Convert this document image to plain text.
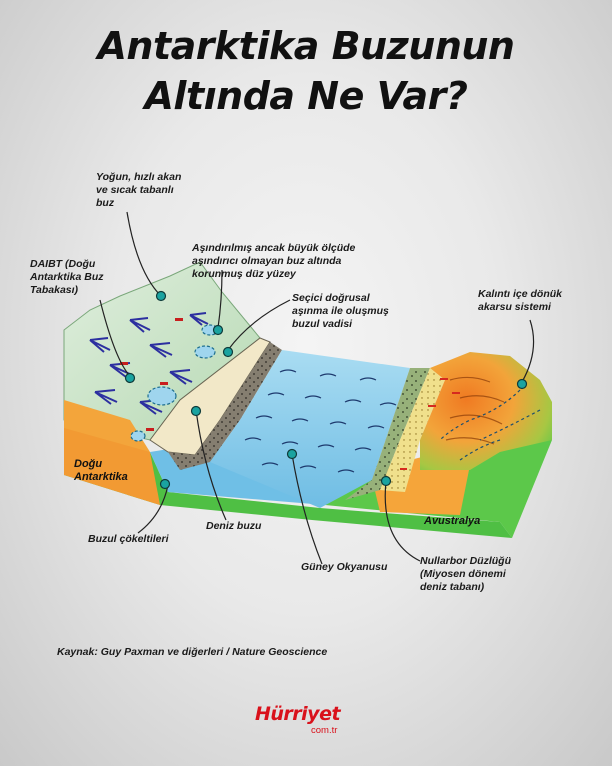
Antarktika Buzunun
Altında Ne Var?
Yoğun, hızlı akan
ve sıcak tabanlı
buz
DAIBT (Doğu
Antarktika Buz
Tabakası)
Aşındırılmış ancak büyük ölçüde
aşındırıcı olmayan buz altında
korunmuş düz yüzey
Seçici doğrusal
aşınma ile oluşmuş
buzul vadisi
Kalıntı içe dönük
akarsu sistemi
Doğu
Antarktika
Avustralya
Buzul çökeltileri
Deniz buzu
Güney Okyanusu	Nullarbor Düzlüğü
(Miyosen dönemi
deniz tabanı)
Kaynak: Guy Paxman ve diğerleri / Nature Geoscience
Hürriyet
com.tr
